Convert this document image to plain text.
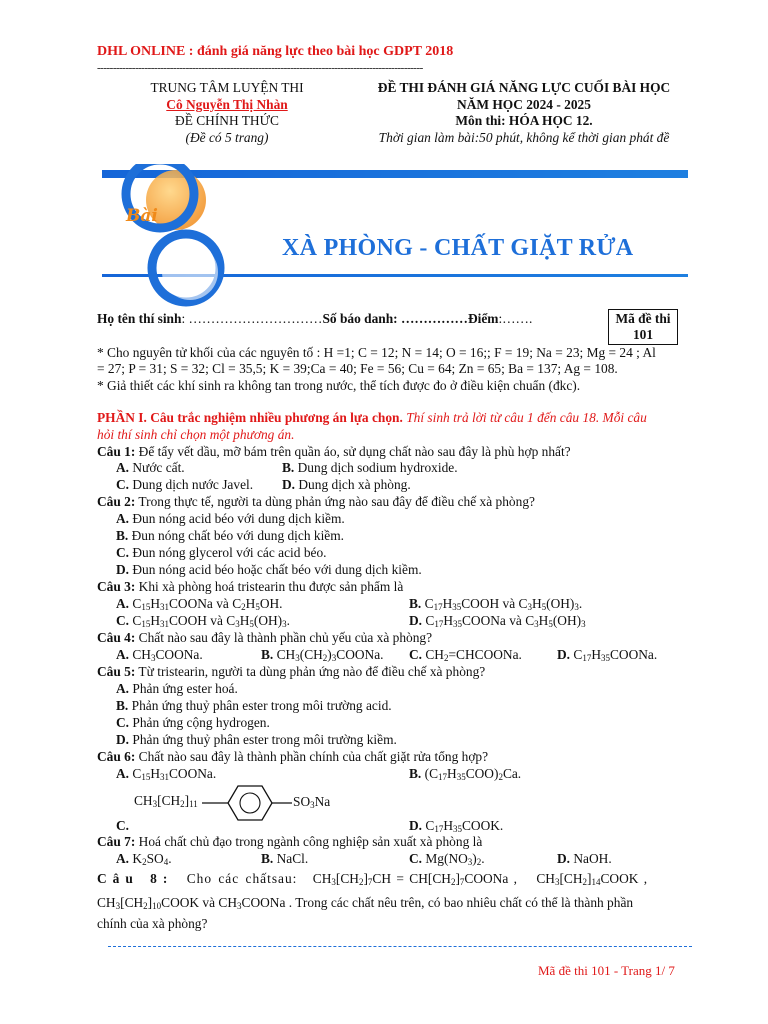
DHL ONLINE : đánh giá năng lực theo bài học GDPT 2018
-------------------------------------------------------------------------------------------------------
TRUNG TÂM LUYỆN THI
Cô Nguyễn Thị Nhàn
ĐỀ CHÍNH THỨC
(Đề có 5 trang)
ĐỀ THI ĐÁNH GIÁ NĂNG LỰC CUỐI BÀI HỌC
NĂM HỌC 2024 - 2025
Môn thi: HÓA HỌC 12.
Thời gian làm bài:50 phút, không kể thời gian phát đề
Bài
XÀ PHÒNG - CHẤT GIẶT RỬA
Họ tên thí sinh: …………………………Số báo danh: ……………Điểm:…….	Mã đề thi
101
* Cho nguyên tử khối của các nguyên tố : H =1; C = 12; N = 14; O = 16;; F = 19; Na = 23; Mg = 24 ; Al
= 27; P = 31; S = 32; Cl = 35,5; K = 39;Ca = 40; Fe = 56; Cu = 64; Zn = 65; Ba = 137; Ag = 108.
* Giả thiết các khí sinh ra không tan trong nước, thể tích được đo ở điều kiện chuẩn (đkc).
PHẦN I. Câu trắc nghiệm nhiều phương án lựa chọn. Thí sinh trả lời từ câu 1 đến câu 18. Mỗi câu
hỏi thí sinh chỉ chọn một phương án.
Câu 1: Để tẩy vết dầu, mỡ bám trên quần áo, sử dụng chất nào sau đây là phù hợp nhất?
A. Nước cất.	B. Dung dịch sodium hydroxide.
C. Dung dịch nước Javel. D. Dung dịch xà phòng.
Câu 2: Trong thực tế, người ta dùng phản ứng nào sau đây để điều chế xà phòng?
A. Đun nóng acid béo với dung dịch kiềm.
B. Đun nóng chất béo với dung dịch kiềm.
C. Đun nóng glycerol với các acid béo.
D. Đun nóng acid béo hoặc chất béo với dung dịch kiềm.
Câu 3: Khi xà phòng hoá tristearin thu được sản phẩm là
A. $C_{15}H_{31}COONa$ và $C_2H_5OH$.	B. $C_{17}H_{35}COOH$ và $C_3H_5(OH)_3$.
C. $C_{15}H_{31}COOH$ và $C_3H_5(OH)_3$.	D. $C_{17}H_{35}COONa$ và $C_3H_5(OH)_3$
Câu 4: Chất nào sau đây là thành phần chủ yếu của xà phòng?
A. $CH_3COONa$.	B. $CH_3(CH_2)_3COONa$. C. $CH_2=CHCOONa$.	D. $C_{17}H_{35}COONa$.
Câu 5: Từ tristearin, người ta dùng phản ứng nào để điều chế xà phòng?
A. Phản ứng ester hoá.
B. Phản ứng thuỷ phân ester trong môi trường acid.
C. Phản ứng cộng hydrogen.
D. Phản ứng thuỷ phân ester trong môi trường kiềm.
Câu 6: Chất nào sau đây là thành phần chính của chất giặt rửa tổng hợp?
A. $C_{15}H_{31}COONa$.	B. $(C_{17}H_{35}COO)_2Ca$.
$CH_3[CH_2]_{11}$	$SO_3Na$
C.	D. $C_{17}H_{35}COOK$.
Câu 7: Hoá chất chủ đạo trong ngành công nghiệp sản xuất xà phòng là
A. $K_2SO_4$.	B. NaCl.	C. $Mg(NO_3)_2$.	D. NaOH.
Câu 8: Cho các chấtsau: $CH_3[CH_2]_7CH$ = $CH[CH_2]_7COONa$ , $CH_3[CH_2]_{14}COOK$ ,
$CH_3[CH_2]_{10}COOK$ và $CH_3COONa$ . Trong các chất nêu trên, có bao nhiêu chất có thể là thành phần
chính của xà phòng?
Mã đề thi 101 - Trang 1/ 7
